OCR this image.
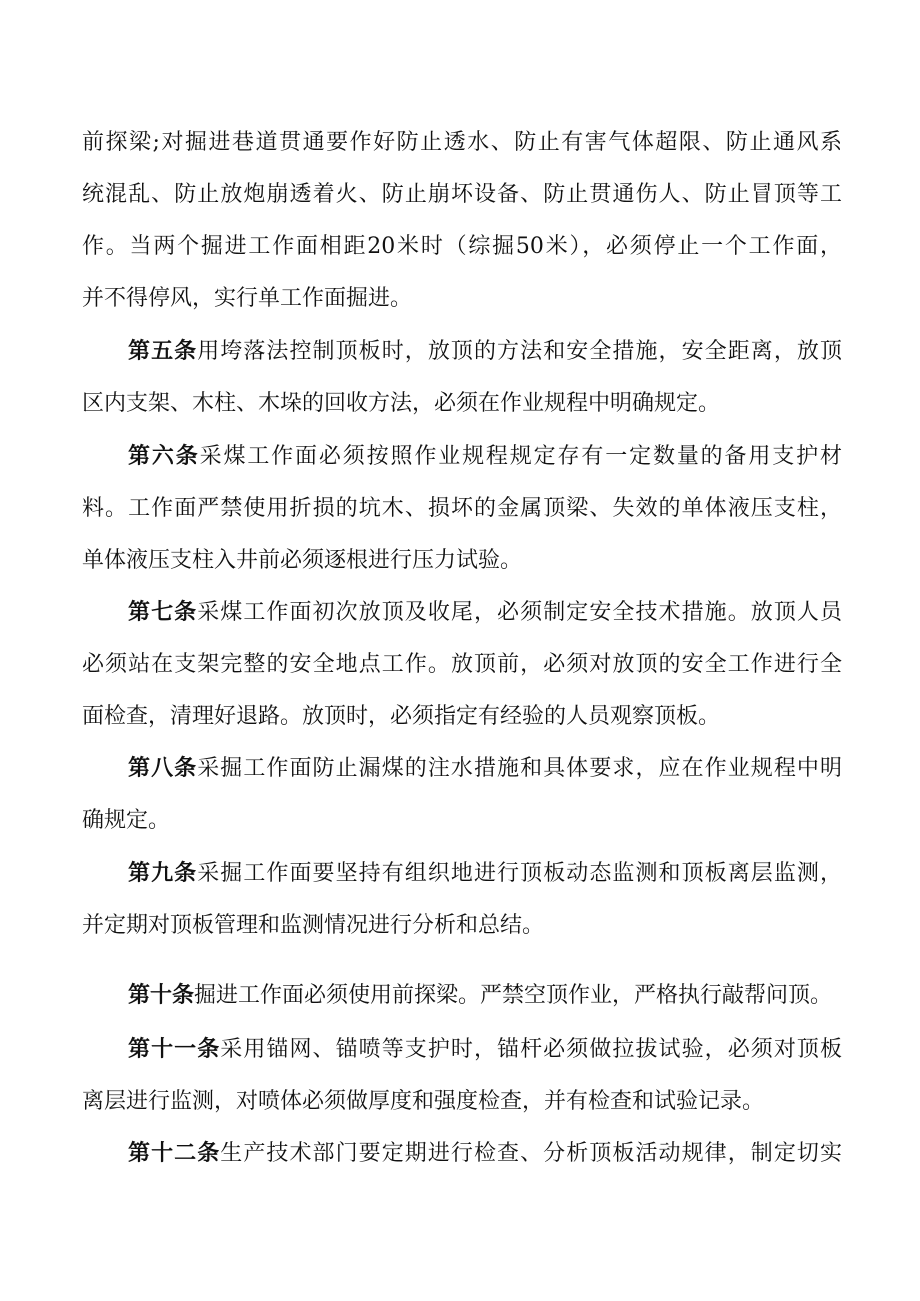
前探梁;对掘进巷道贯通要作好防止透水、防止有害气体超限、防止通风系
统混乱、防止放炮崩透着火、防止崩坏设备、防止贯通伤人、防止冒顶等工
作。当两个掘进工作面相距20米时（综掘50米），必须停止一个工作面，
并不得停风，实行单工作面掘进。
第五条用垮落法控制顶板时，放顶的方法和安全措施，安全距离，放顶
区内支架、木柱、木垛的回收方法，必须在作业规程中明确规定。
第六条采煤工作面必须按照作业规程规定存有一定数量的备用支护材
料。工作面严禁使用折损的坑木、损坏的金属顶梁、失效的单体液压支柱，
单体液压支柱入井前必须逐根进行压力试验。
第七条采煤工作面初次放顶及收尾，必须制定安全技术措施。放顶人员
必须站在支架完整的安全地点工作。放顶前，必须对放顶的安全工作进行全
面检查，清理好退路。放顶时，必须指定有经验的人员观察顶板。
第八条采掘工作面防止漏煤的注水措施和具体要求，应在作业规程中明
确规定。
第九条采掘工作面要坚持有组织地进行顶板动态监测和顶板离层监测，
并定期对顶板管理和监测情况进行分析和总结。
第十条掘进工作面必须使用前探梁。严禁空顶作业，严格执行敲帮问顶。
第十一条采用锚网、锚喷等支护时，锚杆必须做拉拔试验，必须对顶板
离层进行监测，对喷体必须做厚度和强度检查，并有检查和试验记录。
第十二条生产技术部门要定期进行检查、分析顶板活动规律，制定切实
